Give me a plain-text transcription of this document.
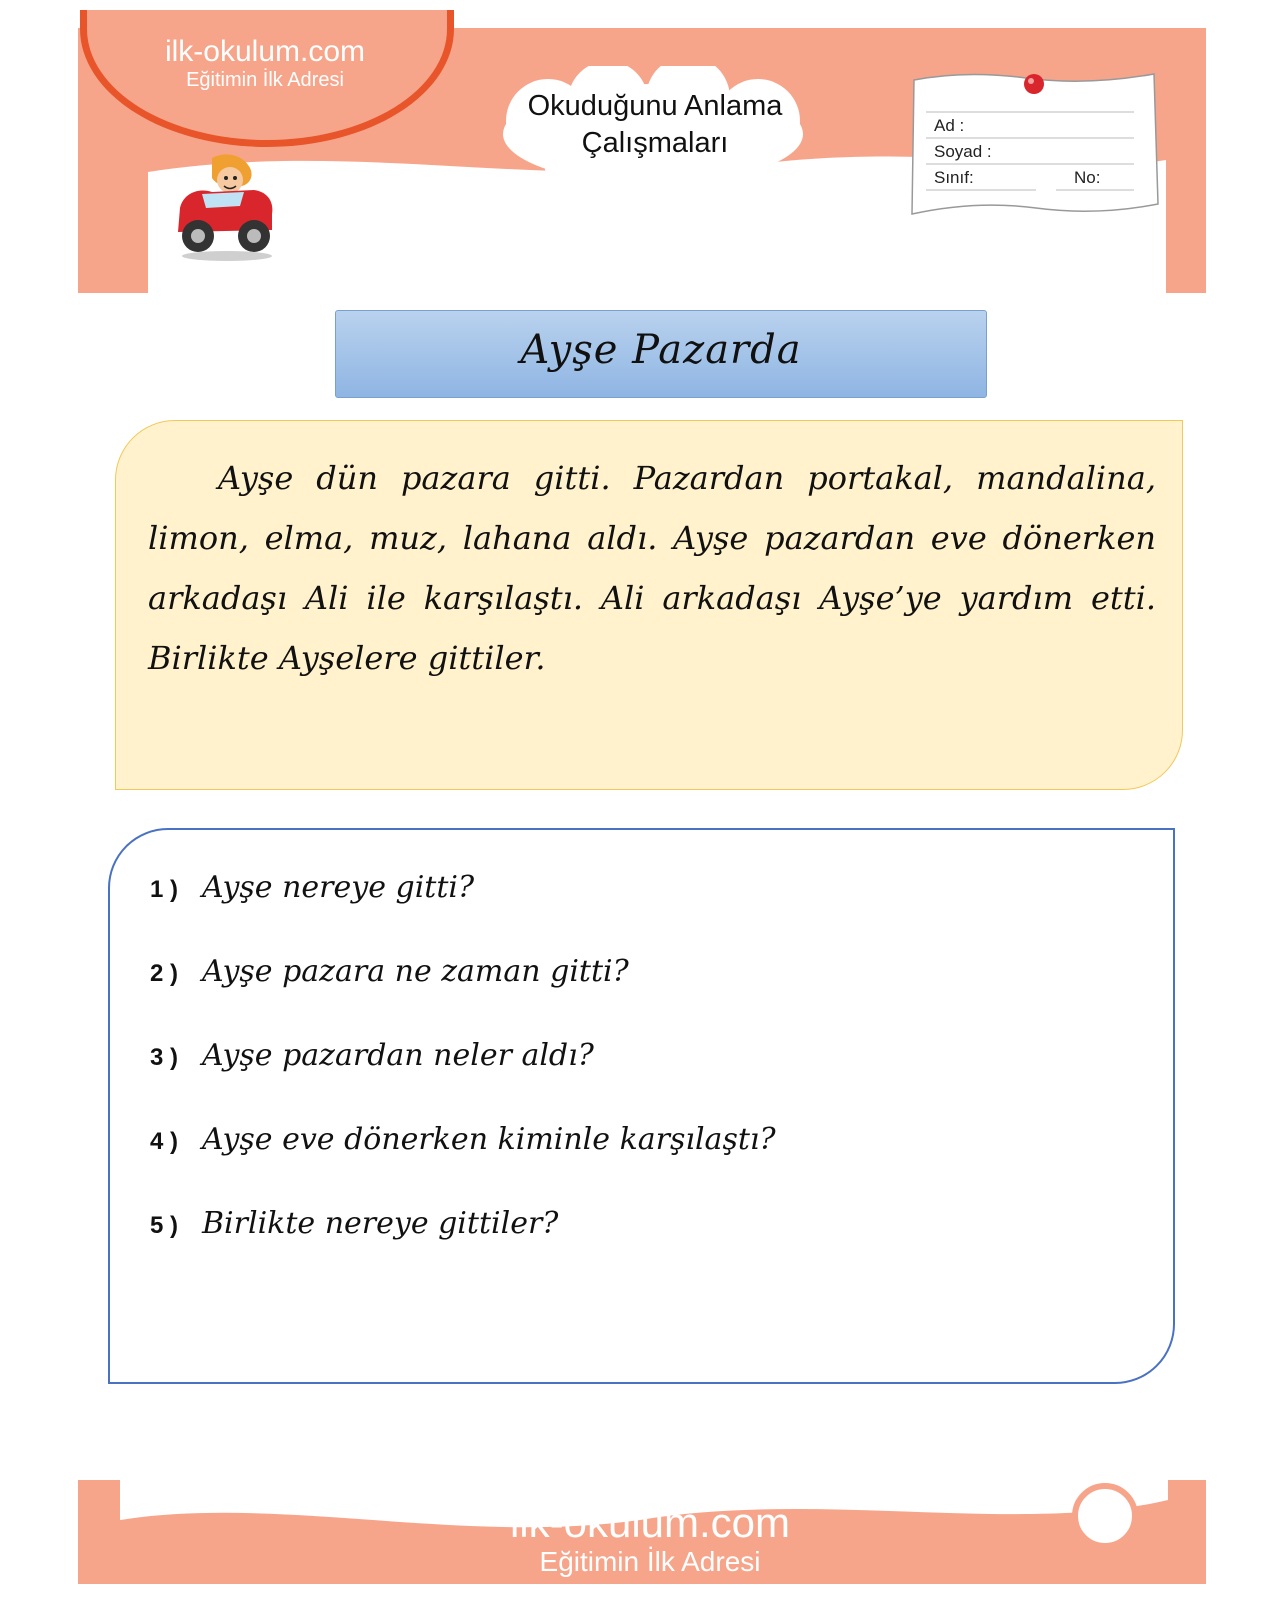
ilk-okulum.com
Eğitimin İlk Adresi
Okuduğunu Anlama
Çalışmaları
Ad :
Soyad :
Sınıf:	No:
Ayşe Pazarda
Ayşe dün pazara gitti. Pazardan portakal, mandalina, limon, elma, muz, lahana aldı. Ayşe pazardan eve dönerken arkadaşı Ali ile karşılaştı. Ali arkadaşı Ayşe’ye yardım etti. Birlikte Ayşelere gittiler.
1 ) Ayşe nereye gitti?
2 ) Ayşe pazara ne zaman gitti?
3 ) Ayşe pazardan neler aldı?
4 ) Ayşe eve dönerken kiminle karşılaştı?
5 ) Birlikte nereye gittiler?
ilk-okulum.com
Eğitimin İlk Adresi
